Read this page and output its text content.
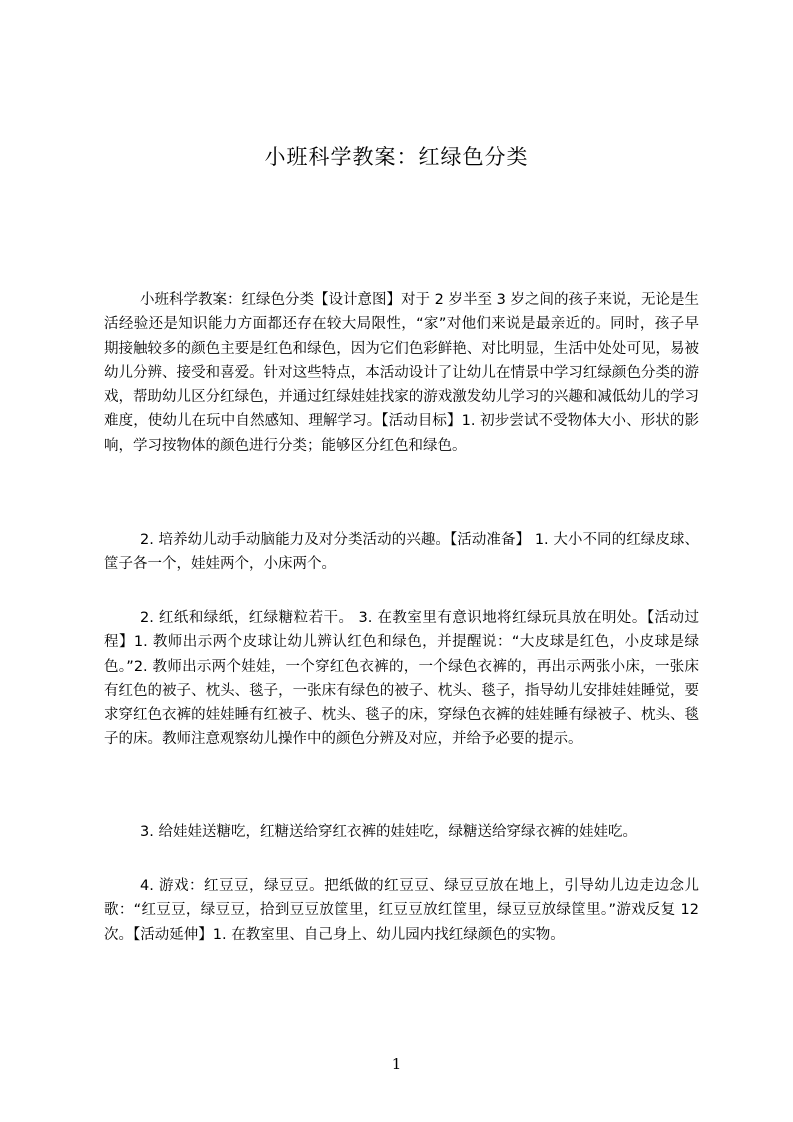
小班科学教案：红绿色分类

小班科学教案：红绿色分类【设计意图】对于 2 岁半至 3 岁之间的孩子来说，无论是生活经验还是知识能力方面都还存在较大局限性，“家”对他们来说是最亲近的。同时，孩子早期接触较多的颜色主要是红色和绿色，因为它们色彩鲜艳、对比明显，生活中处处可见，易被幼儿分辨、接受和喜爱。针对这些特点，本活动设计了让幼儿在情景中学习红绿颜色分类的游戏，帮助幼儿区分红绿色，并通过红绿娃娃找家的游戏激发幼儿学习的兴趣和减低幼儿的学习难度，使幼儿在玩中自然感知、理解学习。【活动目标】1. 初步尝试不受物体大小、形状的影响，学习按物体的颜色进行分类；能够区分红色和绿色。

2. 培养幼儿动手动脑能力及对分类活动的兴趣。【活动准备】 1. 大小不同的红绿皮球、筐子各一个，娃娃两个，小床两个。

2. 红纸和绿纸，红绿糖粒若干。 3. 在教室里有意识地将红绿玩具放在明处。【活动过程】1. 教师出示两个皮球让幼儿辨认红色和绿色，并提醒说：“大皮球是红色，小皮球是绿色。”2. 教师出示两个娃娃，一个穿红色衣裤的，一个绿色衣裤的，再出示两张小床，一张床有红色的被子、枕头、毯子，一张床有绿色的被子、枕头、毯子，指导幼儿安排娃娃睡觉，要求穿红色衣裤的娃娃睡有红被子、枕头、毯子的床，穿绿色衣裤的娃娃睡有绿被子、枕头、毯子的床。教师注意观察幼儿操作中的颜色分辨及对应，并给予必要的提示。

3. 给娃娃送糖吃，红糖送给穿红衣裤的娃娃吃，绿糖送给穿绿衣裤的娃娃吃。

4. 游戏：红豆豆，绿豆豆。把纸做的红豆豆、绿豆豆放在地上，引导幼儿边走边念儿歌：“红豆豆，绿豆豆，拾到豆豆放筐里，红豆豆放红筐里，绿豆豆放绿筐里。”游戏反复 12 次。【活动延伸】1. 在教室里、自己身上、幼儿园内找红绿颜色的实物。

1
